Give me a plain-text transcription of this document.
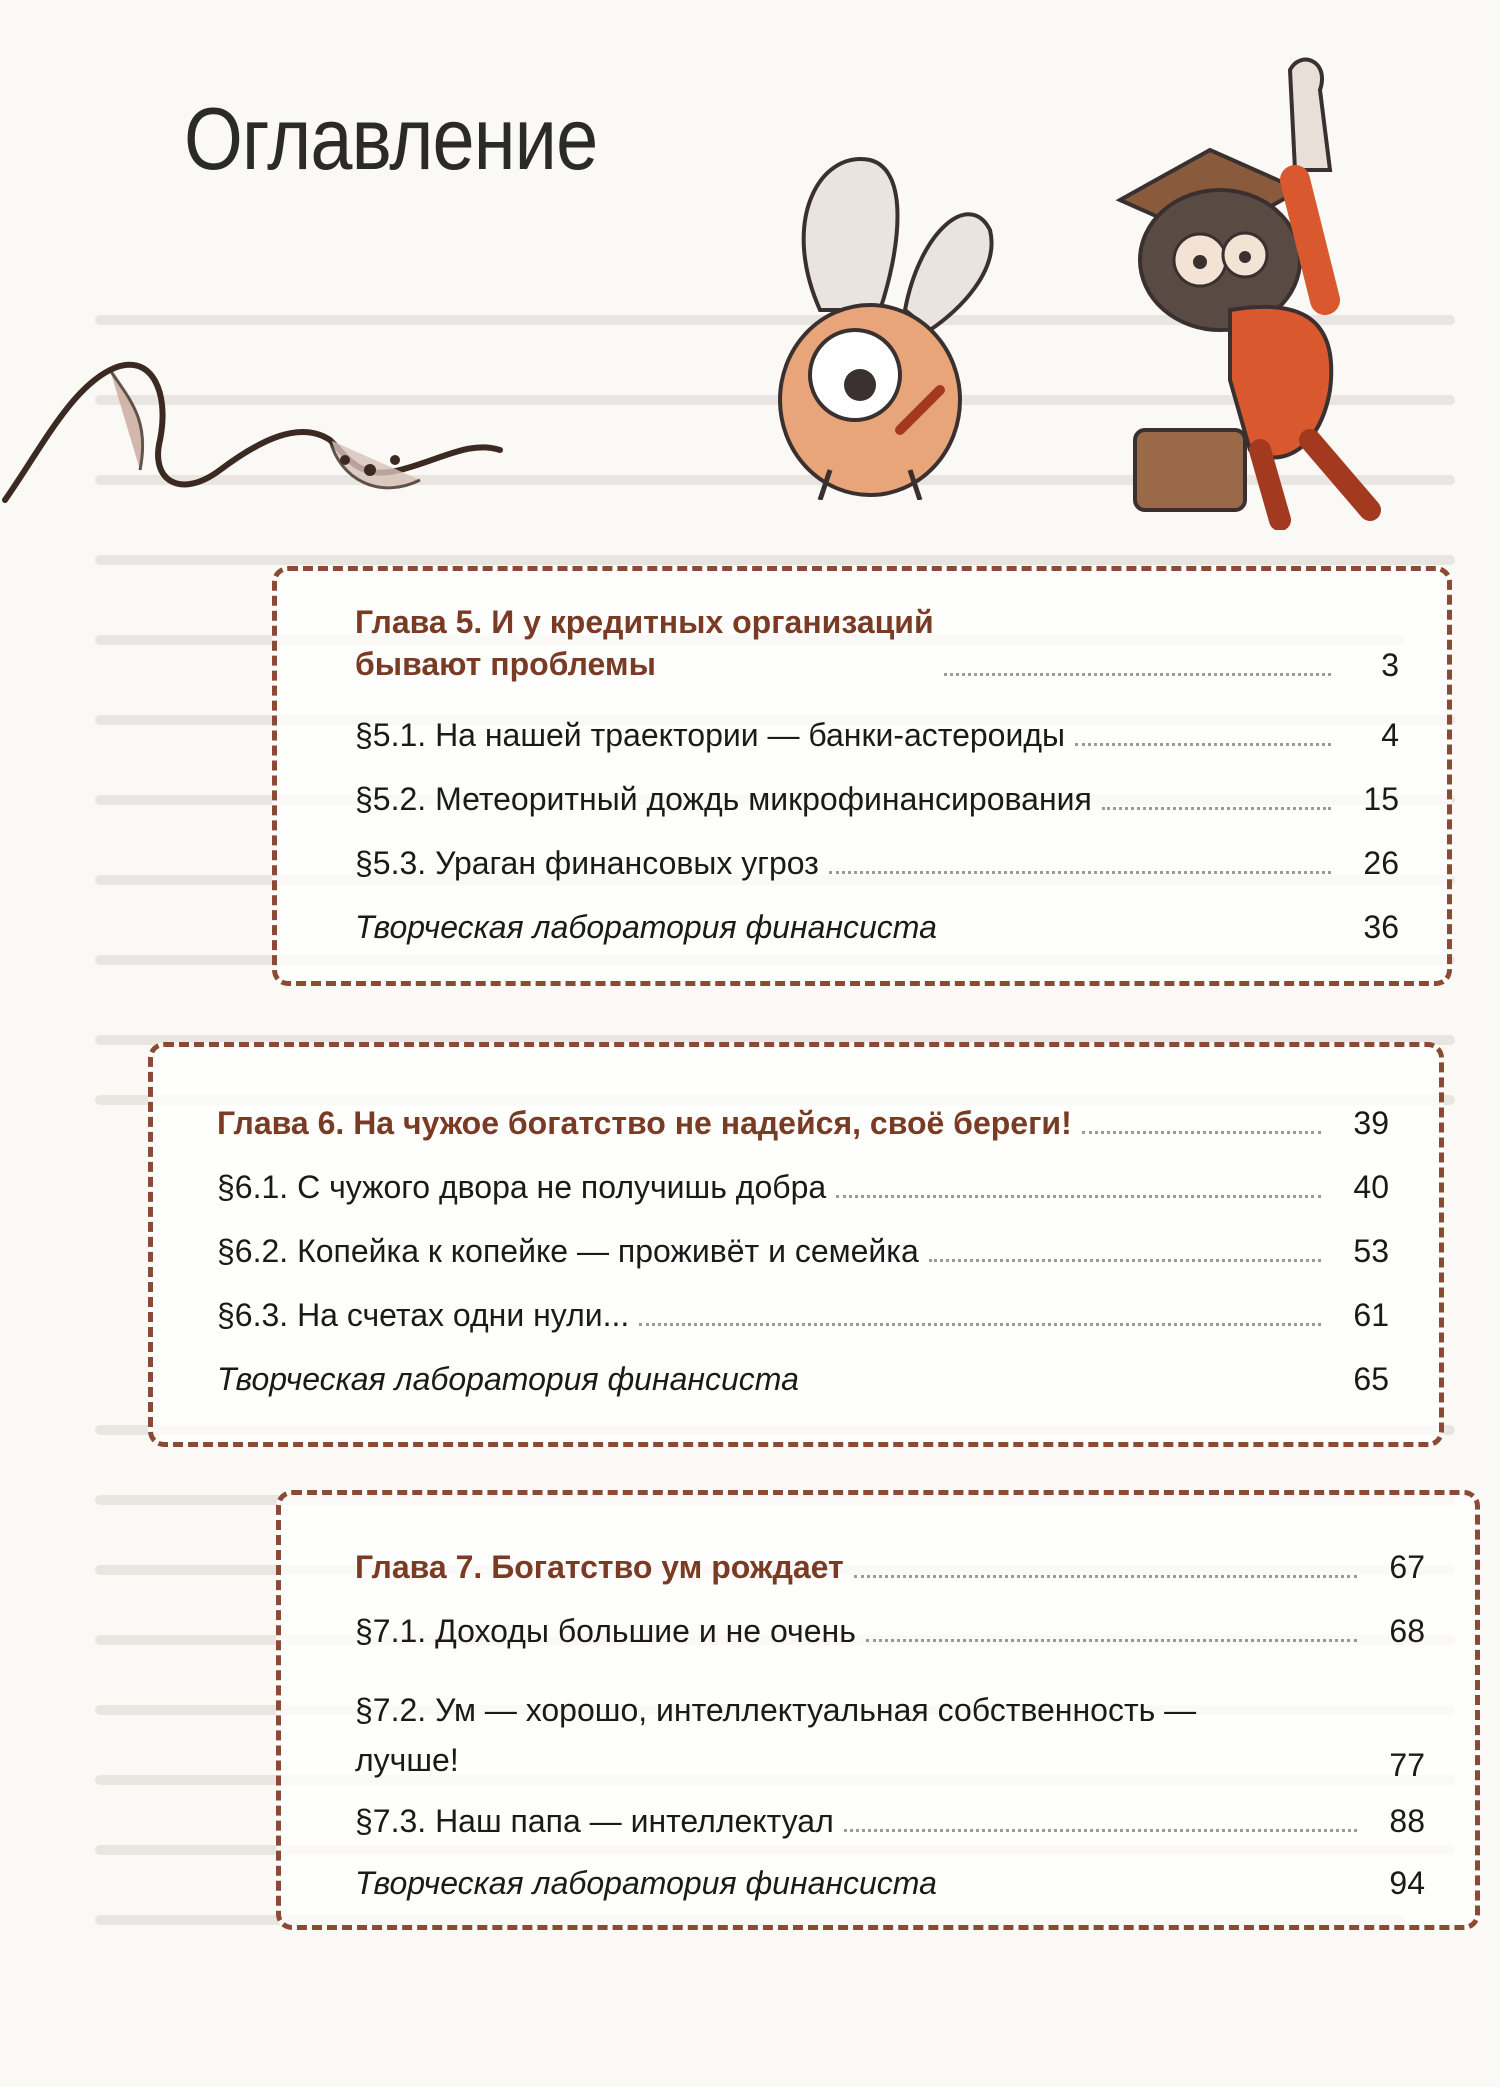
Оглавление
Глава 5. И у кредитных организаций
бывают проблемы	3
§5.1. На нашей траектории — банки-астероиды	4
§5.2. Метеоритный дождь микрофинансирования	15
§5.3. Ураган финансовых угроз	26
Творческая лаборатория финансиста	36
Глава 6. На чужое богатство не надейся, своё береги!	39
§6.1. С чужого двора не получишь добра	40
§6.2. Копейка к копейке — проживёт и семейка	53
§6.3. На счетах одни нули...	61
Творческая лаборатория финансиста	65
Глава 7. Богатство ум рождает	67
§7.1. Доходы большие и не очень	68
§7.2. Ум — хорошо, интеллектуальная собственность —
лучше!	77
§7.3. Наш папа — интеллектуал	88
Творческая лаборатория финансиста	94
